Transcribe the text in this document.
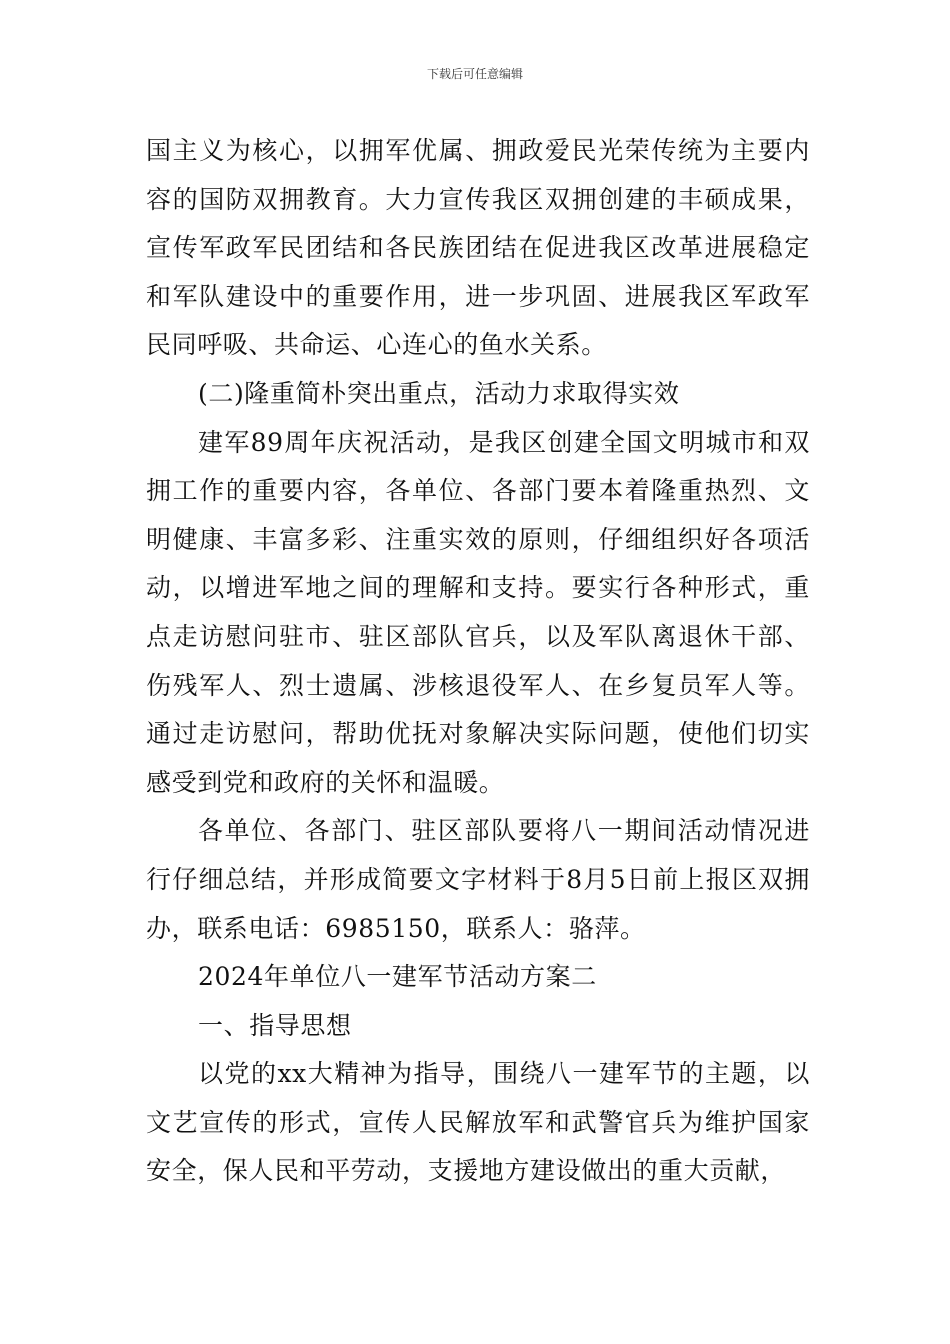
下载后可任意编辑

国主义为核心，以拥军优属、拥政爱民光荣传统为主要内容的国防双拥教育。大力宣传我区双拥创建的丰硕成果，宣传军政军民团结和各民族团结在促进我区改革进展稳定和军队建设中的重要作用，进一步巩固、进展我区军政军民同呼吸、共命运、心连心的鱼水关系。

(二)隆重简朴突出重点，活动力求取得实效

建军89周年庆祝活动，是我区创建全国文明城市和双拥工作的重要内容，各单位、各部门要本着隆重热烈、文明健康、丰富多彩、注重实效的原则，仔细组织好各项活动，以增进军地之间的理解和支持。要实行各种形式，重点走访慰问驻市、驻区部队官兵，以及军队离退休干部、伤残军人、烈士遗属、涉核退役军人、在乡复员军人等。通过走访慰问，帮助优抚对象解决实际问题，使他们切实感受到党和政府的关怀和温暖。

各单位、各部门、驻区部队要将八一期间活动情况进行仔细总结，并形成简要文字材料于8月5日前上报区双拥办，联系电话：6985150，联系人：骆萍。

2024年单位八一建军节活动方案二

一、指导思想

以党的xx大精神为指导，围绕八一建军节的主题，以文艺宣传的形式，宣传人民解放军和武警官兵为维护国家安全，保人民和平劳动，支援地方建设做出的重大贡献，
